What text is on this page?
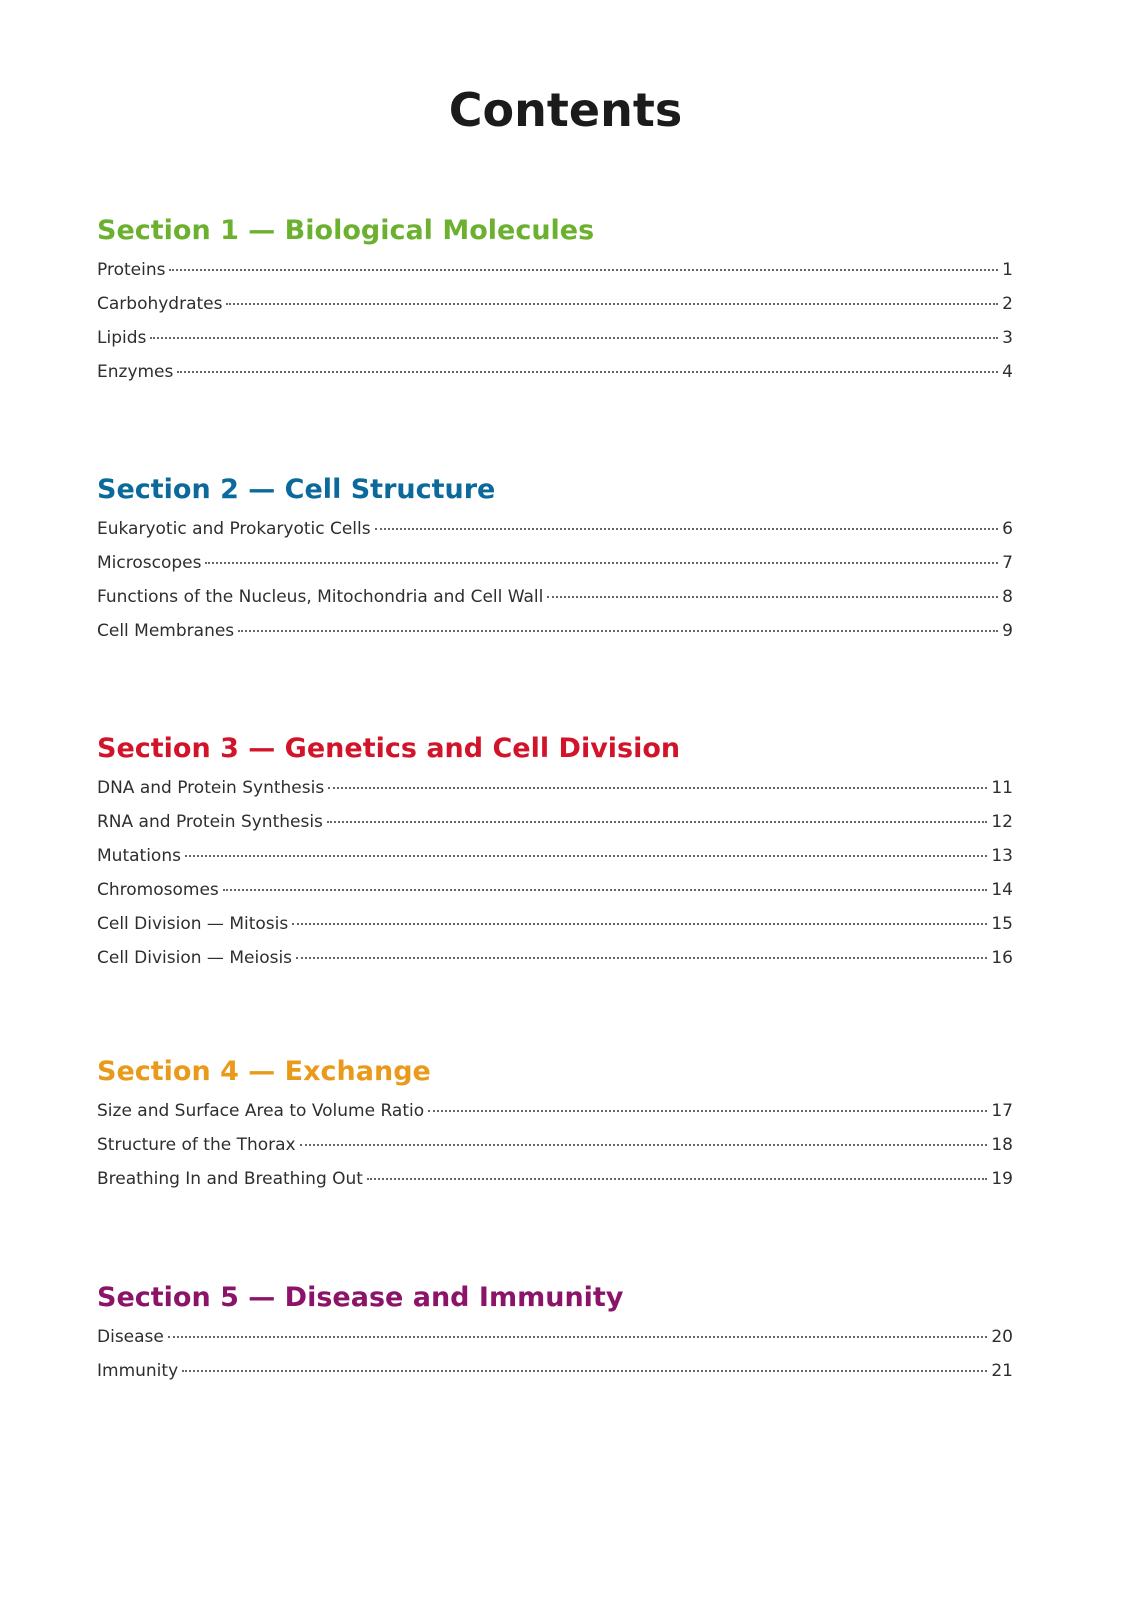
Contents
Section 1 — Biological Molecules
Proteins	1
Carbohydrates	2
Lipids	3
Enzymes	4
Section 2 — Cell Structure
Eukaryotic and Prokaryotic Cells	6
Microscopes	7
Functions of the Nucleus, Mitochondria and Cell Wall	8
Cell Membranes	9
Section 3 — Genetics and Cell Division
DNA and Protein Synthesis	11
RNA and Protein Synthesis	12
Mutations	13
Chromosomes	14
Cell Division — Mitosis	15
Cell Division — Meiosis	16
Section 4 — Exchange
Size and Surface Area to Volume Ratio	17
Structure of the Thorax	18
Breathing In and Breathing Out	19
Section 5 — Disease and Immunity
Disease	20
Immunity	21
